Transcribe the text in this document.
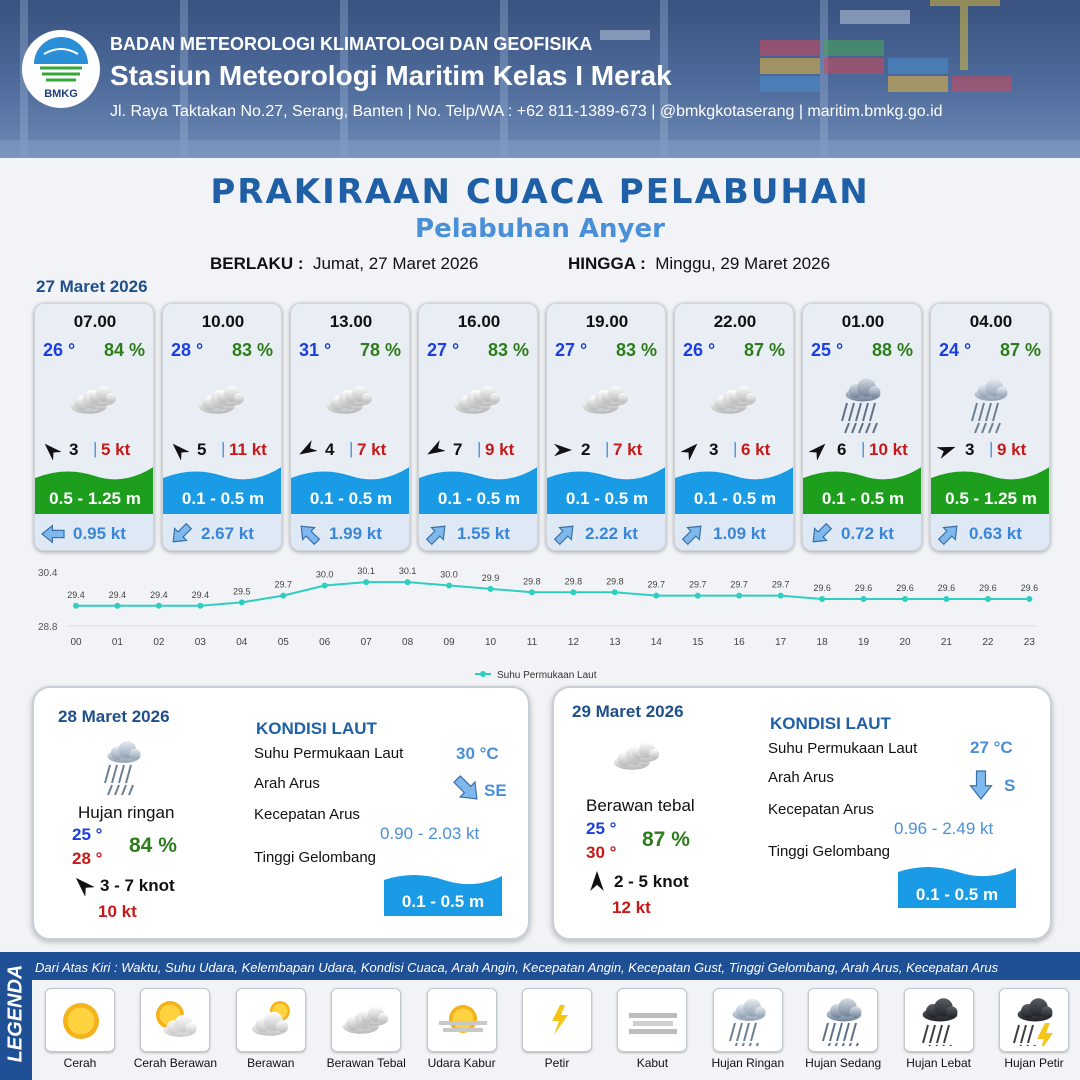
BMKG
BADAN METEOROLOGI KLIMATOLOGI DAN GEOFISIKA
Stasiun Meteorologi Maritim Kelas I Merak
Jl. Raya Taktakan No.27, Serang, Banten | No. Telp/WA : +62 811-1389-673 | @bmkgkotaserang | maritim.bmkg.go.id
PRAKIRAAN CUACA PELABUHAN
Pelabuhan Anyer
BERLAKU : Jumat, 27 Maret 2026	HINGGA : Minggu, 29 Maret 2026
27 Maret 2026
07.00
26 ° 84 %
3 | 5 kt
0.5 - 1.25 m
0.95 kt
10.00
28 ° 83 %
5 | 11 kt
0.1 - 0.5 m
2.67 kt
13.00
31 ° 78 %
4 | 7 kt
0.1 - 0.5 m
1.99 kt
16.00
27 ° 83 %
7 | 9 kt
0.1 - 0.5 m
1.55 kt
19.00
27 ° 83 %
2 | 7 kt
0.1 - 0.5 m
2.22 kt
22.00
26 ° 87 %
3 | 6 kt
0.1 - 0.5 m
1.09 kt
01.00
25 ° 88 %
6 | 10 kt
0.1 - 0.5 m
0.72 kt
04.00
24 ° 87 %
3 | 9 kt
0.5 - 1.25 m
0.63 kt
30.4
28.8
29.4
00
29.4
01
29.4
02
29.4
03
29.5
04
29.7
05
30.0
06
30.1
07
30.1
08
30.0
09
29.9
10
29.8
11
29.8
12
29.8
13
29.7
14
29.7
15
29.7
16
29.7
17
29.6
18
29.6
19
29.6
20
29.6
21
29.6
22
29.6
23
Suhu Permukaan Laut
28 Maret 2026
Hujan ringan
25 °
28 °
84 %
3 - 7 knot
10 kt
KONDISI LAUT
Suhu Permukaan Laut	30 °C
Arah Arus	SE
Kecepatan Arus
0.90 - 2.03 kt
Tinggi Gelombang
0.1 - 0.5 m
29 Maret 2026
Berawan tebal
25 °
30 °
87 %
2 - 5 knot
12 kt
KONDISI LAUT
Suhu Permukaan Laut	27 °C
Arah Arus	S
Kecepatan Arus
0.96 - 2.49 kt
Tinggi Gelombang
0.1 - 0.5 m
LEGENDA Dari Atas Kiri : Waktu, Suhu Udara, Kelembapan Udara, Kondisi Cuaca, Arah Angin, Kecepatan Angin, Kecepatan Gust, Tinggi Gelombang, Arah Arus, Kecepatan Arus
Cerah	Cerah Berawan	Berawan	Berawan Tebal	Udara Kabur	Petir	Kabut	Hujan Ringan	Hujan Sedang	Hujan Lebat	Hujan Petir
